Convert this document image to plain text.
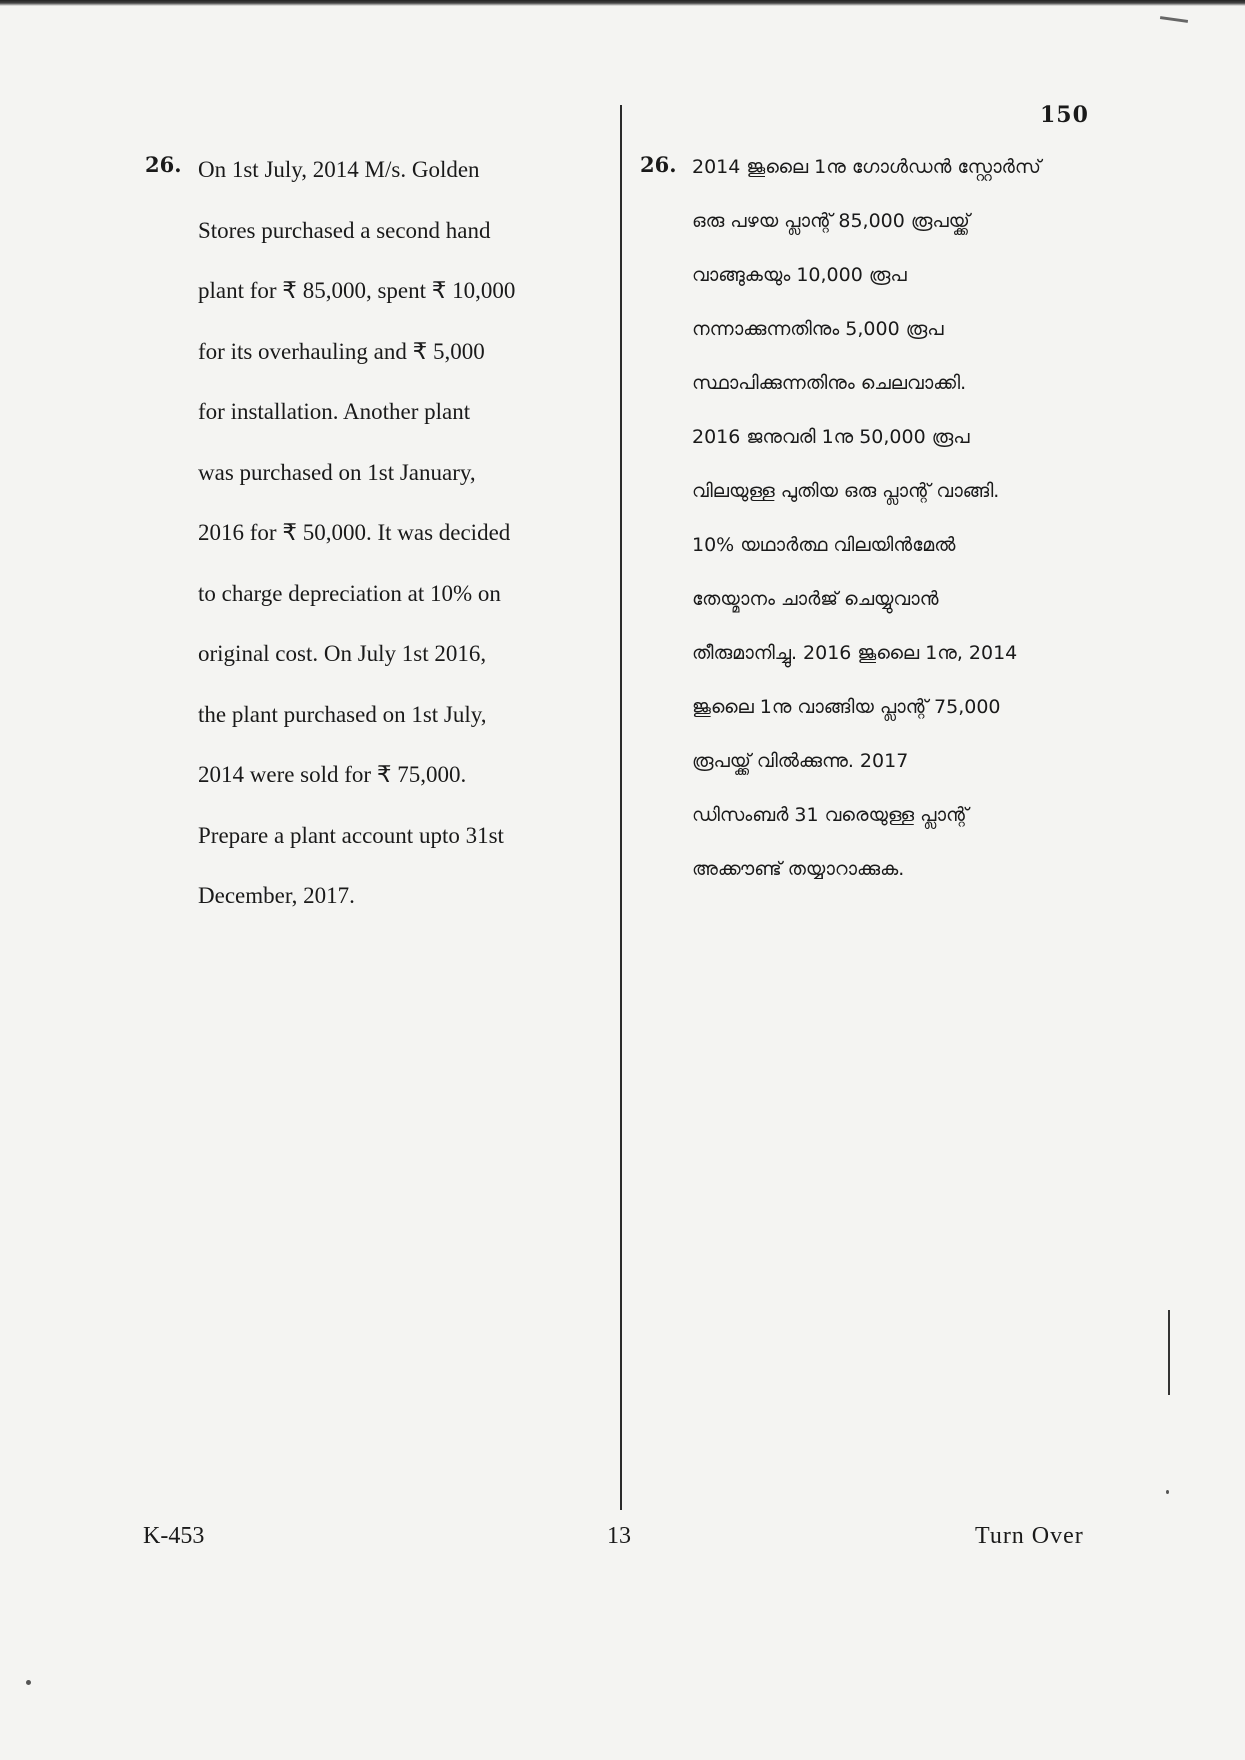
150
26. On 1st July, 2014 M/s. Golden
Stores purchased a second hand
plant for ₹ 85,000, spent ₹ 10,000
for its overhauling and ₹ 5,000
for installation. Another plant
was purchased on 1st January,
2016 for ₹ 50,000. It was decided
to charge depreciation at 10% on
original cost. On July 1st 2016,
the plant purchased on 1st July,
2014 were sold for ₹ 75,000.
Prepare a plant account upto 31st
December, 2017.
26. 2014 ജൂലൈ 1നു ഗോൾഡൻ സ്റ്റോർസ്
ഒരു പഴയ പ്ലാന്റ് 85,000 രൂപയ്ക്ക്
വാങ്ങുകയും 10,000 രൂപ
നന്നാക്കുന്നതിനും 5,000 രൂപ
സ്ഥാപിക്കുന്നതിനും ചെലവാക്കി.
2016 ജനുവരി 1നു 50,000 രൂപ
വിലയുള്ള പുതിയ ഒരു പ്ലാന്റ് വാങ്ങി.
10% യഥാർത്ഥ വിലയിൻമേൽ
തേയ്മാനം ചാർജ് ചെയ്യുവാൻ
തീരുമാനിച്ചു. 2016 ജൂലൈ 1നു, 2014
ജൂലൈ 1നു വാങ്ങിയ പ്ലാന്റ് 75,000
രൂപയ്ക്ക് വിൽക്കുന്നു. 2017
ഡിസംബർ 31 വരെയുള്ള പ്ലാന്റ്
അക്കൗണ്ട് തയ്യാറാക്കുക.
K-453	13	Turn Over
